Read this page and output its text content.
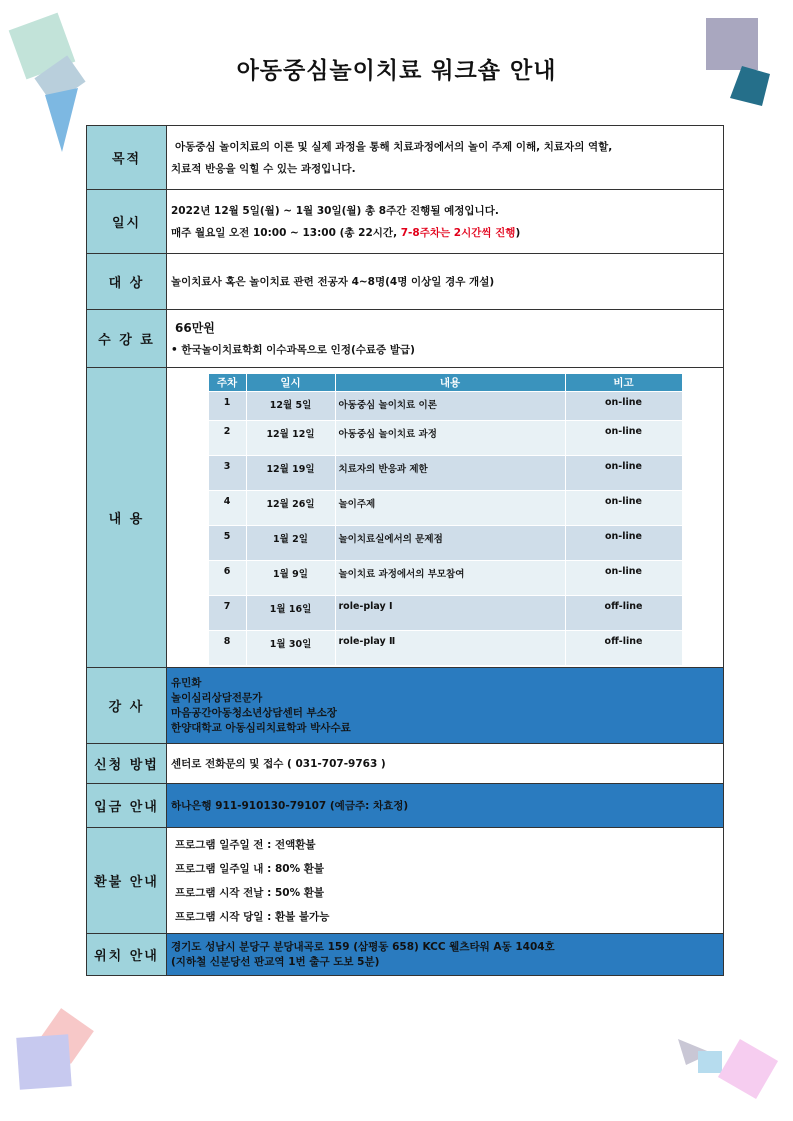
아동중심놀이치료 워크숍 안내
목적	
아동중심 놀이치료의 이론 및 실제 과정을 통해 치료과정에서의 놀이 주제 이해, 치료자의 역할,
치료적 반응을 익힐 수 있는 과정입니다.

일시	
2022년 12월 5일(월) ~ 1월 30일(월) 총 8주간 진행될 예정입니다.
매주 월요일 오전 10:00 ~ 13:00 (총 22시간, 7-8주차는 2시간씩 진행)

대 상	놀이치료사 혹은 놀이치료 관련 전공자 4~8명(4명 이상일 경우 개설)
수 강 료	
66만원
• 한국놀이치료학회 이수과목으로 인정(수료증 발급)

내 용	
주차	일시	내용	비고
1	12월 5일	아동중심 놀이치료 이론	on-line
2	12월 12일	아동중심 놀이치료 과정	on-line
3	12월 19일	치료자의 반응과 제한	on-line
4	12월 26일	놀이주제	on-line
5	1월 2일	놀이치료실에서의 문제점	on-line
6	1월 9일	놀이치료 과정에서의 부모참여	on-line
7	1월 16일	role-play Ⅰ	off-line
8	1월 30일	role-play Ⅱ	off-line

강 사	
유민화
놀이심리상담전문가
마음공간아동청소년상담센터 부소장
한양대학교 아동심리치료학과 박사수료

신청 방법	센터로 전화문의 및 접수 ( 031-707-9763 )
입금 안내	하나은행 911-910130-79107 (예금주: 차효정)
환불 안내	
프로그램 일주일 전 : 전액환불
프로그램 일주일 내 : 80% 환불
프로그램 시작 전날 : 50% 환불
프로그램 시작 당일 : 환불 불가능

위치 안내	
경기도 성남시 분당구 분당내곡로 159 (삼평동 658) KCC 웰츠타워 A동 1404호
(지하철 신분당선 판교역 1번 출구 도보 5분)
